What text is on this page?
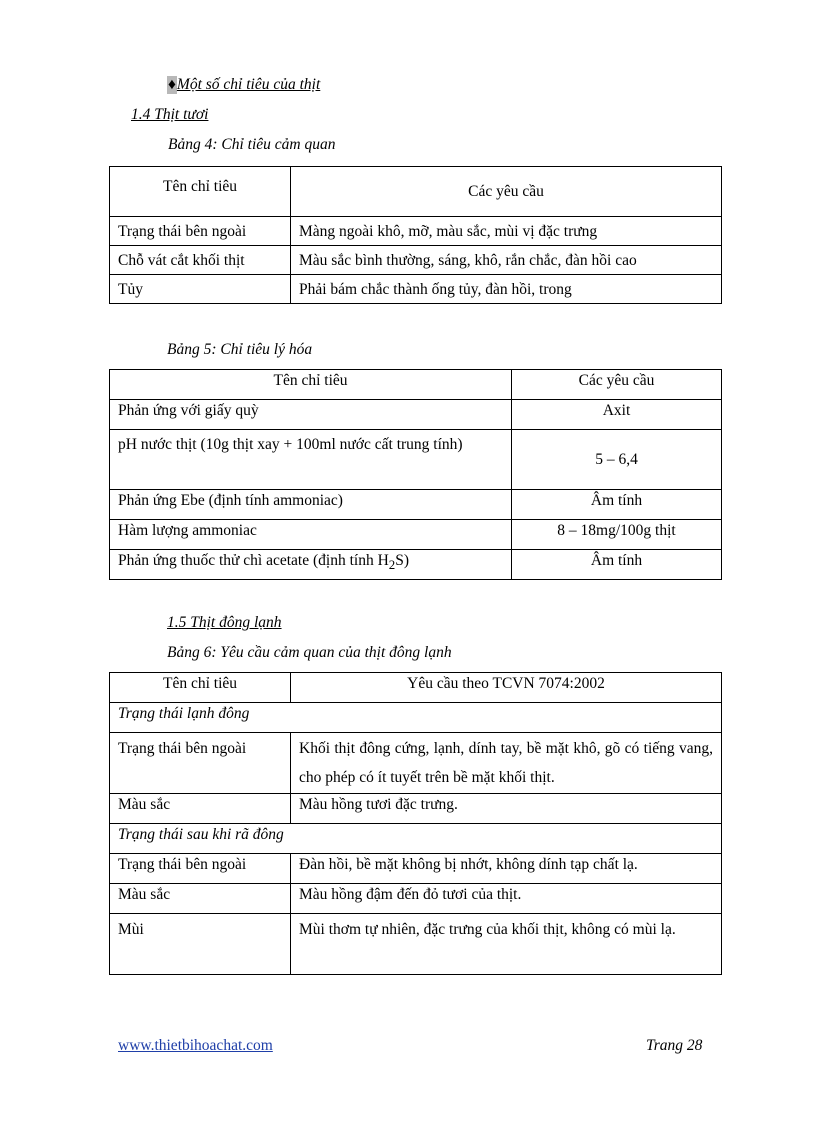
♦Một số chỉ tiêu của thịt
1.4 Thịt tươi
Bảng 4: Chỉ tiêu cảm quan
Tên chỉ tiêu	Các yêu cầu
Trạng thái bên ngoài	Màng ngoài khô, mỡ, màu sắc, mùi vị đặc trưng
Chỗ vát cắt khối thịt	Màu sắc bình thường, sáng, khô, rắn chắc, đàn hồi cao
Tủy	Phải bám chắc thành ống tủy, đàn hồi, trong
Bảng 5: Chỉ tiêu lý hóa
Tên chỉ tiêu	Các yêu cầu
Phản ứng với giấy quỳ	Axit
pH nước thịt (10g thịt xay + 100ml nước cất trung tính)	5 – 6,4
Phản ứng Ebe (định tính ammoniac)	Âm tính
Hàm lượng ammoniac	8 – 18mg/100g thịt
Phản ứng thuốc thử chì acetate (định tính $H_2S$)	Âm tính
1.5 Thịt đông lạnh
Bảng 6: Yêu cầu cảm quan của thịt đông lạnh
Tên chỉ tiêu	Yêu cầu theo TCVN 7074:2002
Trạng thái lạnh đông	
Trạng thái bên ngoài	Khối thịt đông cứng, lạnh, dính tay, bề mặt khô, gõ có tiếng vang, cho phép có ít tuyết trên bề mặt khối thịt.
Màu sắc	Màu hồng tươi đặc trưng.
Trạng thái sau khi rã đông	
Trạng thái bên ngoài	Đàn hồi, bề mặt không bị nhớt, không dính tạp chất lạ.
Màu sắc	Màu hồng đậm đến đỏ tươi của thịt.
Mùi	Mùi thơm tự nhiên, đặc trưng của khối thịt, không có mùi lạ.
www.thietbihoachat.com	Trang 28
